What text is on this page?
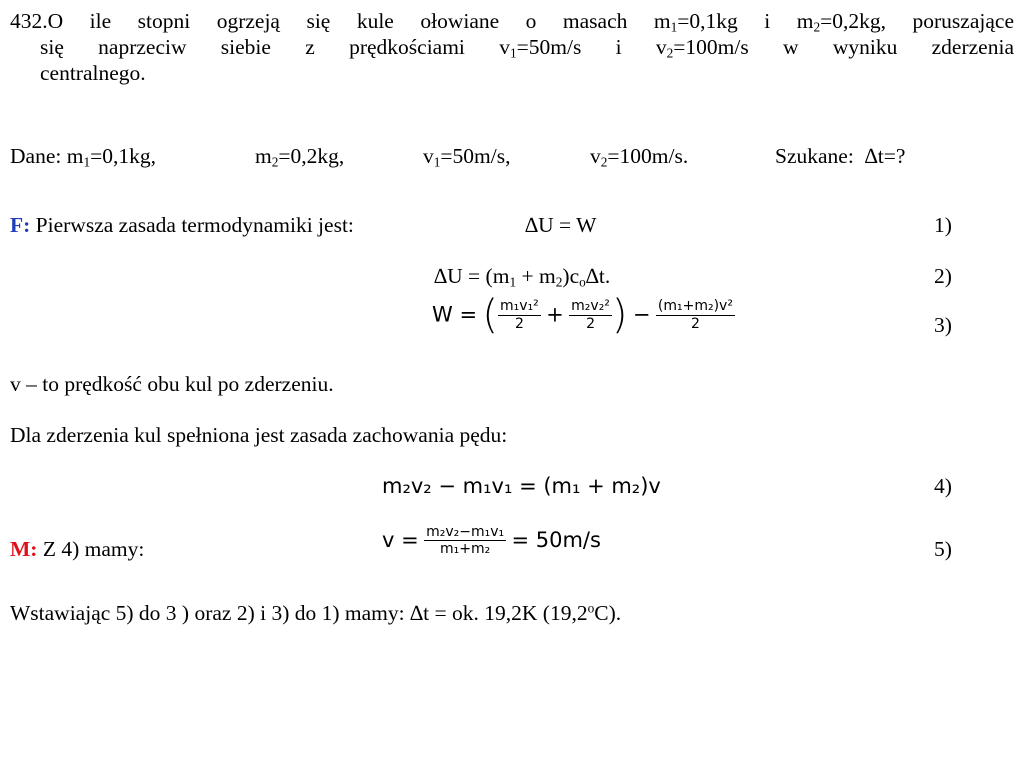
432.O ile stopni ogrzeją się kule ołowiane o masach $m_1=0,1kg$ i $m_2=0,2kg$, poruszające
się naprzeciw siebie z prędkościami $v_1=50m/s$ i $v_2=100m/s$ w wyniku zderzenia
centralnego.
Dane: $m_1=0,1kg$,	$m_2=0,2kg$,	$v_1=50m/s$,	$v_2=100m/s$.	Szukane: ∆t=?
F: Pierwsza zasada termodynamiki jest:	∆U = W	1)
$\Delta U = (m_1 + m_2)c_o\Delta t$.	2)
W = ( $\frac{\text{m₁v₁²}}{2} + \frac{\text{m₂v₂²}}{2}$ ) − $\frac{\text{(m₁+m₂)v²}}{2}$	3)
v – to prędkość obu kul po zderzeniu.
Dla zderzenia kul spełniona jest zasada zachowania pędu:
m₂v₂ − m₁v₁ = (m₁ + m₂)v	4)
M: Z 4) mamy:	$v = \frac{\text{m₂v₂−m₁v₁}}{\text{m₁+m₂}} = 50m/s$	5)
Wstawiając 5) do 3 ) oraz 2) i 3) do 1) mamy: ∆t = ok. 19,2K (19,2$^o$C).
